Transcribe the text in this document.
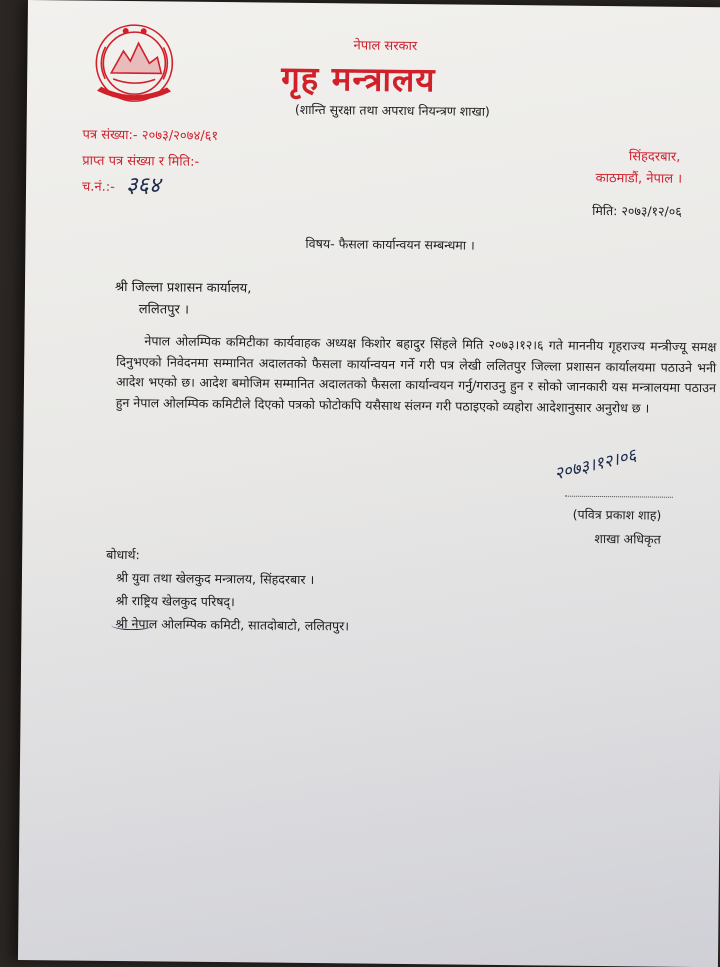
नेपाल सरकार
गृह मन्त्रालय
(शान्ति सुरक्षा तथा अपराध नियन्त्रण शाखा)
पत्र संख्या:- २०७३/२०७४/६१
प्राप्त पत्र संख्या र मिति:-
च.नं.:- ३६४
सिंहदरबार,
काठमाडौं, नेपाल ।
मिति: २०७३/१२/०६
विषय- फैसला कार्यान्वयन सम्बन्धमा ।
श्री जिल्ला प्रशासन कार्यालय,
ललितपुर ।
नेपाल ओलम्पिक कमिटीका कार्यवाहक अध्यक्ष किशोर बहादुर सिंहले मिति २०७३।१२।६ गते माननीय गृहराज्य मन्त्रीज्यू समक्ष दिनुभएको निवेदनमा सम्मानित अदालतको फैसला कार्यान्वयन गर्ने गरी पत्र लेखी ललितपुर जिल्ला प्रशासन कार्यालयमा पठाउने भनी आदेश भएको छ। आदेश बमोजिम सम्मानित अदालतको फैसला कार्यान्वयन गर्नु/गराउनु हुन र सोको जानकारी यस मन्त्रालयमा पठाउन हुन नेपाल ओलम्पिक कमिटीले दिएको पत्रको फोटोकपि यसैसाथ संलग्न गरी पठाइएको व्यहोरा आदेशानुसार अनुरोध छ ।
२०७३।१२।०६
(पवित्र प्रकाश शाह)
शाखा अधिकृत
बोधार्थ:
श्री युवा तथा खेलकुद मन्त्रालय, सिंहदरबार ।
श्री राष्ट्रिय खेलकुद परिषद्।
श्री नेपाल ओलम्पिक कमिटी, सातदोबाटो, ललितपुर।
